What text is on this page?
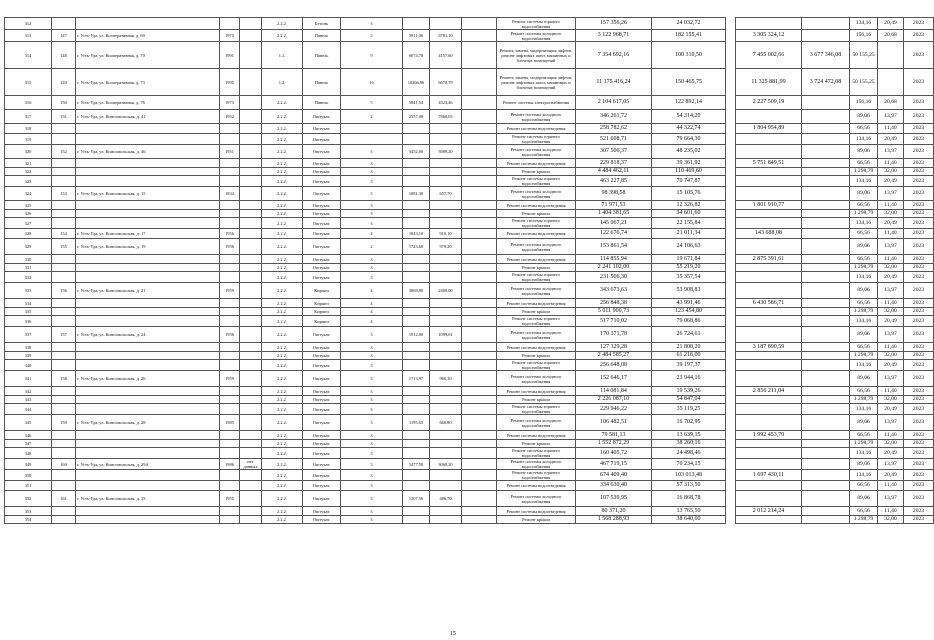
312					2.2.2.	Бетонъ	3				Ремонт системы горячего водоснабжения	157 356,26	24 032,72				134,16	20,49	2023	
313	147	г. Усть-Уда, ул. Кооперативная, д. 69	1973		2.2.2.	Панель	5	5811,06	3781,10		Ремонт системы холодного водоснабжения	3 122 968,71	182 155,41		3 305 324,12		156,16	20,68	2023	
314	148	г. Усть-Уда, ул. Кооперативная, д. 70	1991		1.1.	Панель	9	6074,78	4157,60		Ремонт, замена, модернизация лифтов, ремонт лифтовых шахт, машинных и блочных помещений	7 354 692,16	100 310,50		7 455 002,66	3 677 346,08	50 155,25		2023	
315	149	г. Усть-Уда, ул. Кооперативная, д. 73	1995		1.2.	Панель	16	10266,96	6678,79		Ремонт, замена, модернизация лифтов, ремонт лифтовых шахт, машинных и блочных помещений	11 175 416,24	150 465,75		11 325 881,99	3 724 472,08	50 155,25		2023	
316	150	г. Усть-Уда, ул. Кооперативная, д. 76	1973		2.2.2.	Панель	5	5841,54	4323,46		Ремонт системы электроснабжения	2 104 617,05	122 892,14		2 227 509,19		156,16	20,68	2023	
317	151	г. Усть-Уда, ул. Комсомольская, д. 41	1952		2.2.2.	Оштукат.	2	2557,00	7860,03		Ремонт системы холодного водоснабжения	346 261,72	54 314,20				89,06	13,97	2023	
318					2.2.2.	Оштукат.					Ремонт системы водоотведения	258 782,62	44 322,74		1 804 954,89		66,56	11,40	2023	
319					2.2.2.	Оштукат.					Ремонт системы горячего водоснабжения	521 608,71	79 664,30				134,16	20,49	2023	
320	152	г. Усть-Уда, ул. Комсомольская, д. 46	1951		2.2.2.	Оштукат.	3	3452,00	3989,20		Ремонт системы холодного водоснабжения	307 506,37	48 235,02				89,06	13,97	2023	
321					2.2.2.	Оштукат.	3				Ремонт системы водоотведения	229 818,37	39 361,92		5 751 849,51		66,56	11,40	2023	
322					2.2.2.	Оштукат.	3				Ремонт крыши	4 484 462,11	110 469,60				1 298,79	32,00	2023	
323					2.2.2.	Оштукат.	3				Ремонт системы горячего водоснабжения	463 227,85	70 747,87				134,16	20,49	2023	
324	153	г. Усть-Уда, ул. Комсомольская, д. 15	1834		2.2.2.	Оштукат.	3	1081,30	657,70		Ремонт системы холодного водоснабжения	98 398,58	15 105,76				89,06	13,97	2023	
325					2.2.2.	Оштукат.	3				Ремонт системы водоотведения	71 971,53	12 326,82		1 801 910,77		66,56	11,40	2023	
326					2.2.2.	Оштукат.	3				Ремонт крыши	1 404 381,65	34 601,60				1 298,79	32,00	2023	
327					2.2.2.	Оштукат.	3				Ремонт системы горячего водоснабжения	145 067,21	22 155,84				134,16	20,49	2023	
328	154	г. Усть-Уда, ул. Комсомольская, д. 17	1956		2.2.2.	Оштукат.	2	1043,10	910,10		Ремонт системы водоотведения	122 676,74	21 011,34		143 688,08		66,56	11,40	2023	
329	155	г. Усть-Уда, ул. Комсомольская, д. 19	1956		2.2.2.	Оштукат.	2	1723,60	979,20		Ремонт системы холодного водоснабжения	153 861,54	24 106,63				89,06	13,97	2023	
330					2.2.2.	Оштукат.	3				Ремонт системы водоотведения	114 855,94	19 671,84		2 875 391,61		66,56	11,40	2023	
331					2.2.2.	Оштукат.	3				Ремонт крыши	2 241 102,00	55 219,20				1 298,79	32,00	2023	
332					2.2.2.	Оштукат.	3				Ремонт системы горячего водоснабжения	231 506,30	35 357,54				134,16	20,49	2023	
333	156	г. Усть-Уда, ул. Комсомольская, д. 21	1959		2.2.2.	Кирпич	4	3868,90	2400,00		Ремонт системы холодного водоснабжения	343 673,63	53 908,83				89,06	13,97	2023	
334					2.2.2.	Кирпич	4				Ремонт системы водоотведения	256 848,38	43 991,46		6 430 586,71		66,56	11,40	2023	
335					2.2.2.	Кирпич	4				Ремонт крыши	5 011 900,73	123 454,80				1 298,79	32,00	2023	
336					2.2.2.	Кирпич	4				Ремонт системы горячего водоснабжения	517 710,02	79 068,86				134,16	20,49	2023	
337	157	г. Усть-Уда, ул. Комсомольская, д. 24	1956		2.2.2.	Оштукат.	3	1912,00	1099,61		Ремонт системы холодного водоснабжения	170 371,78	26 724,61				89,06	13,97	2023	
338					2.2.2.	Оштукат.	3				Ремонт системы водоотведения	127 329,28	21 808,20		3 187 890,59		66,56	11,40	2023	
339					2.2.2.	Оштукат.	3				Ремонт крыши	2 484 585,27	61 216,00				1 298,79	32,00	2023	
340					2.2.2.	Оштукат.	3				Ремонт системы горячего водоснабжения	256 648,08	39 197,37				134,16	20,49	2023	
341	158	г. Усть-Уда, ул. Комсомольская, д. 26	1959		2.2.2.	Оштукат.	3	1713,97	960,30		Ремонт системы холодного водоснабжения	152 646,17	23 944,16				89,06	13,97	2023	
342					2.2.2.	Оштукат.	3				Ремонт системы водоотведения	114 081,84	19 539,26		2 856 211,04		66,56	11,40	2023	
343					2.2.2.	Оштукат.	3				Ремонт крыши	2 226 087,10	54 847,04				1 298,79	32,00	2023	
344					2.2.2.	Оштукат.	3				Ремонт системы горячего водоснабжения	229 946,22	35 119,25				134,16	20,49	2023	
345	159	г. Усть-Уда, ул. Комсомольская, д. 28	1985		2.2.2.	Оштукат.	3	1195,63	666,80		Ремонт системы холодного водоснабжения	106 482,51	16 702,95				89,06	13,97	2023	
346					2.2.2.	Оштукат.	3				Ремонт системы водоотведения	79 581,13	13 639,15		1 992 453,70		66,56	11,40	2023	
347					2.2.2.	Оштукат.	3				Ремонт крыши	1 552 872,29	38 260,16				1 298,79	32,00	2023	
348					2.2.2.	Оштукат.	3				Ремонт системы горячего водоснабжения	160 405,72	24 498,46				134,16	20,49	2023	
349	160	г. Усть-Уда, ул. Комсомольская, д. 29А	1986	нет данных	2.2.2.	Оштукат.	3	5477,50	3068,20		Ремонт системы холодного водоснабжения	467 719,15	70 234,15				89,06	13,97	2023	
350					2.2.2.	Оштукат.	3				Ремонт системы горячего водоснабжения	674 409,40	103 013,48		1 697 430,11		134,16	20,49	2023	
351					2.2.2.	Оштукат.	3				Ремонт системы водоотведения	334 630,40	57 313,50				66,56	11,40	2023	
352	161	г. Усть-Уда, ул. Комсомольская, д. 35	1955		2.2.2.	Оштукат.	3	1207,56	486,70		Ремонт системы холодного водоснабжения	107 539,95	16 868,78				89,06	13,97	2023	
353					2.2.2.	Оштукат.	3				Ремонт системы водоотведения	80 371,20	13 765,50		2 012 214,24		66,56	11,40	2023	
354					2.2.2.	Оштукат.	3				Ремонт крыши	1 568 288,93	38 640,00				1 298,79	32,00	2023	
15
